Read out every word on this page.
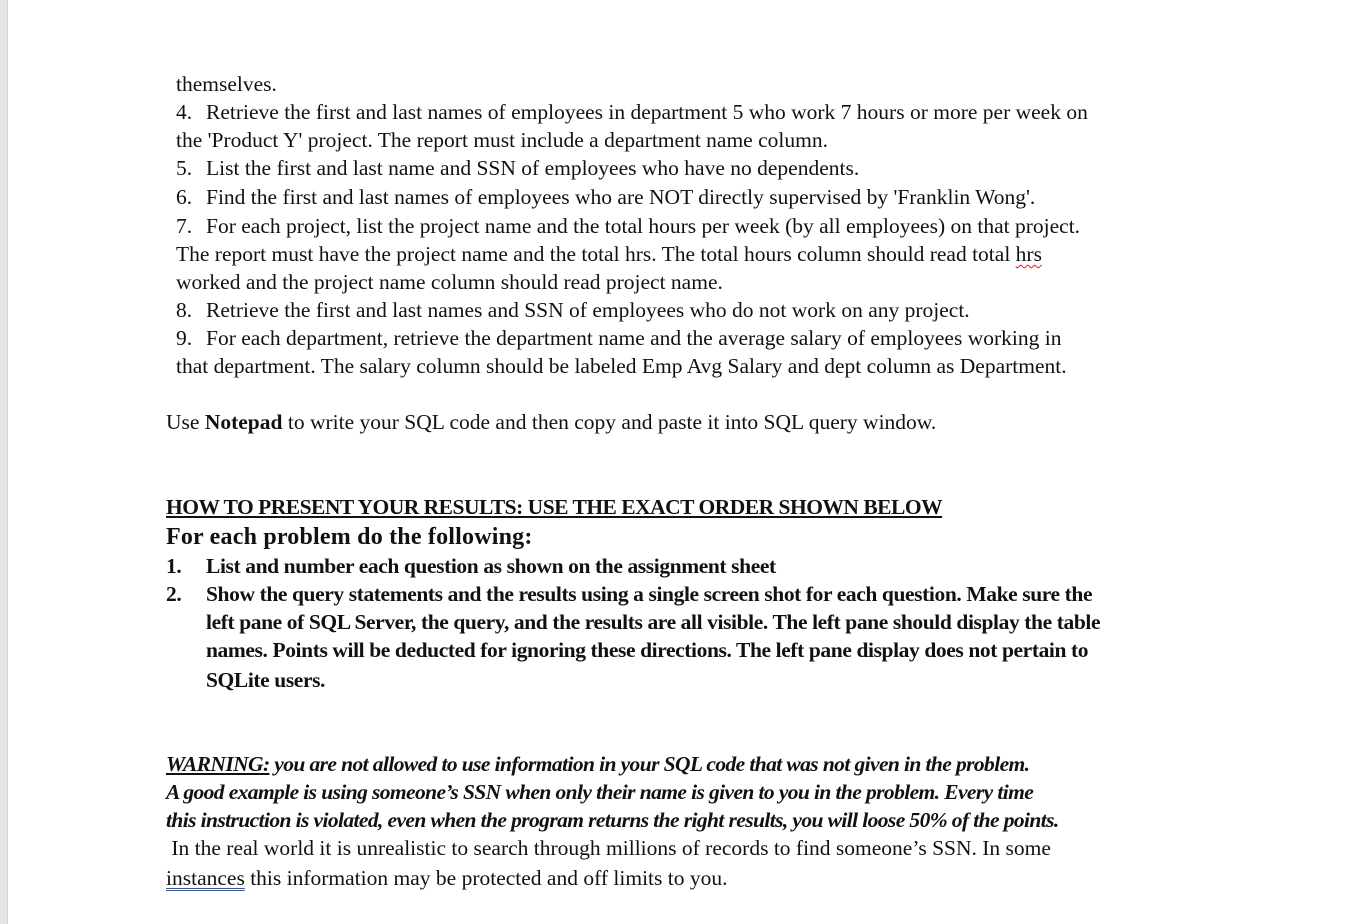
themselves.
4. Retrieve the first and last names of employees in department 5 who work 7 hours or more per week on
the 'Product Y' project. The report must include a department name column.
5. List the first and last name and SSN of employees who have no dependents.
6. Find the first and last names of employees who are NOT directly supervised by 'Franklin Wong'.
7. For each project, list the project name and the total hours per week (by all employees) on that project.
The report must have the project name and the total hrs. The total hours column should read total hrs
worked and the project name column should read project name.
8. Retrieve the first and last names and SSN of employees who do not work on any project.
9. For each department, retrieve the department name and the average salary of employees working in
that department. The salary column should be labeled Emp Avg Salary and dept column as Department.
Use Notepad to write your SQL code and then copy and paste it into SQL query window.
HOW TO PRESENT YOUR RESULTS: USE THE EXACT ORDER SHOWN BELOW
For each problem do the following:
1. List and number each question as shown on the assignment sheet
2. Show the query statements and the results using a single screen shot for each question. Make sure the
left pane of SQL Server, the query, and the results are all visible. The left pane should display the table
names. Points will be deducted for ignoring these directions. The left pane display does not pertain to
SQLite users.
WARNING: you are not allowed to use information in your SQL code that was not given in the problem.
A good example is using someone’s SSN when only their name is given to you in the problem. Every time
this instruction is violated, even when the program returns the right results, you will loose 50% of the points.
In the real world it is unrealistic to search through millions of records to find someone’s SSN. In some
instances this information may be protected and off limits to you.
